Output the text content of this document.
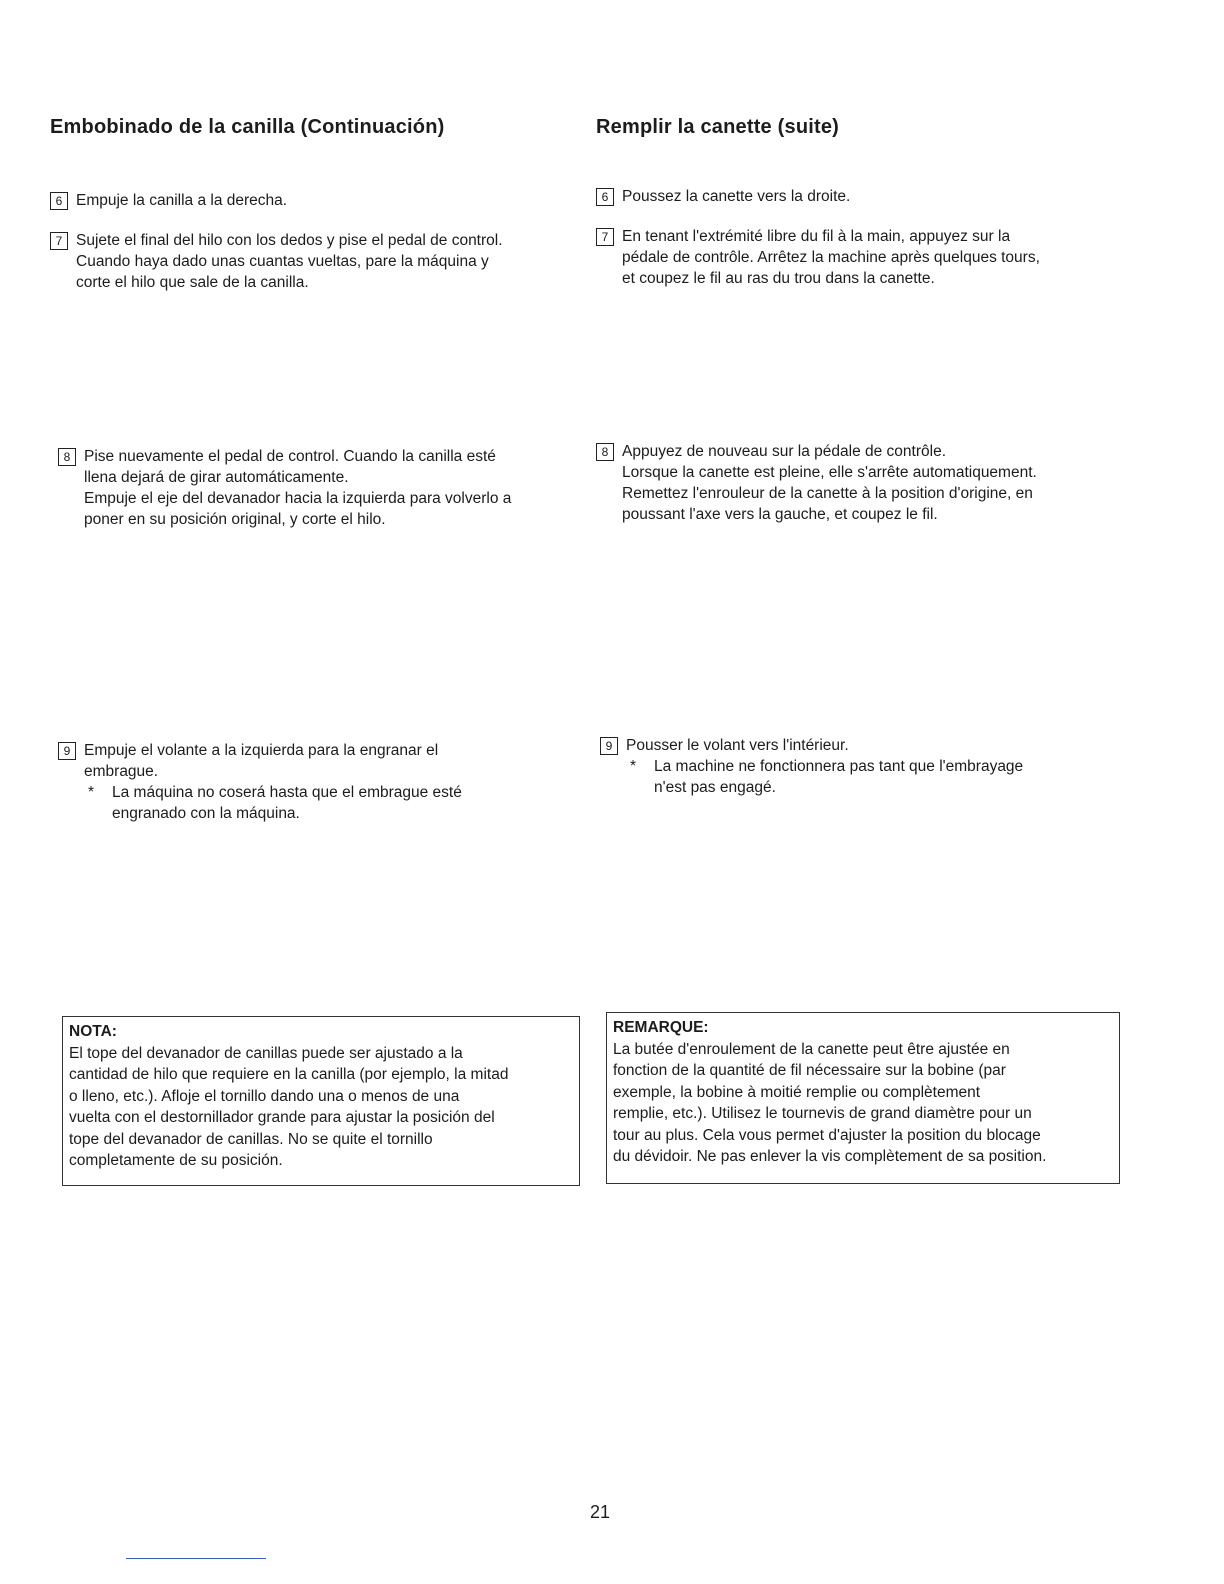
Embobinado de la canilla (Continuación)
6 Empuje la canilla a la derecha.
7 Sujete el final del hilo con los dedos y pise el pedal de control.
Cuando haya dado unas cuantas vueltas, pare la máquina y
corte el hilo que sale de la canilla.
8 Pise nuevamente el pedal de control. Cuando la canilla esté
llena dejará de girar automáticamente.
Empuje el eje del devanador hacia la izquierda para volverlo a
poner en su posición original, y corte el hilo.
9 Empuje el volante a la izquierda para la engranar el
embrague.
* La máquina no coserá hasta que el embrague esté
engranado con la máquina.
NOTA:
El tope del devanador de canillas puede ser ajustado a la
cantidad de hilo que requiere en la canilla (por ejemplo, la mitad
o lleno, etc.). Afloje el tornillo dando una o menos de una
vuelta con el destornillador grande para ajustar la posición del
tope del devanador de canillas. No se quite el tornillo
completamente de su posición.
Remplir la canette (suite)
6 Poussez la canette vers la droite.
7 En tenant l'extrémité libre du fil à la main, appuyez sur la
pédale de contrôle. Arrêtez la machine après quelques tours,
et coupez le fil au ras du trou dans la canette.
8 Appuyez de nouveau sur la pédale de contrôle.
Lorsque la canette est pleine, elle s'arrête automatiquement.
Remettez l'enrouleur de la canette à la position d'origine, en
poussant l'axe vers la gauche, et coupez le fil.
9 Pousser le volant vers l'intérieur.
* La machine ne fonctionnera pas tant que l'embrayage
n'est pas engagé.
REMARQUE:
La butée d'enroulement de la canette peut être ajustée en
fonction de la quantité de fil nécessaire sur la bobine (par
exemple, la bobine à moitié remplie ou complètement
remplie, etc.). Utilisez le tournevis de grand diamètre pour un
tour au plus. Cela vous permet d'ajuster la position du blocage
du dévidoir. Ne pas enlever la vis complètement de sa position.
21
